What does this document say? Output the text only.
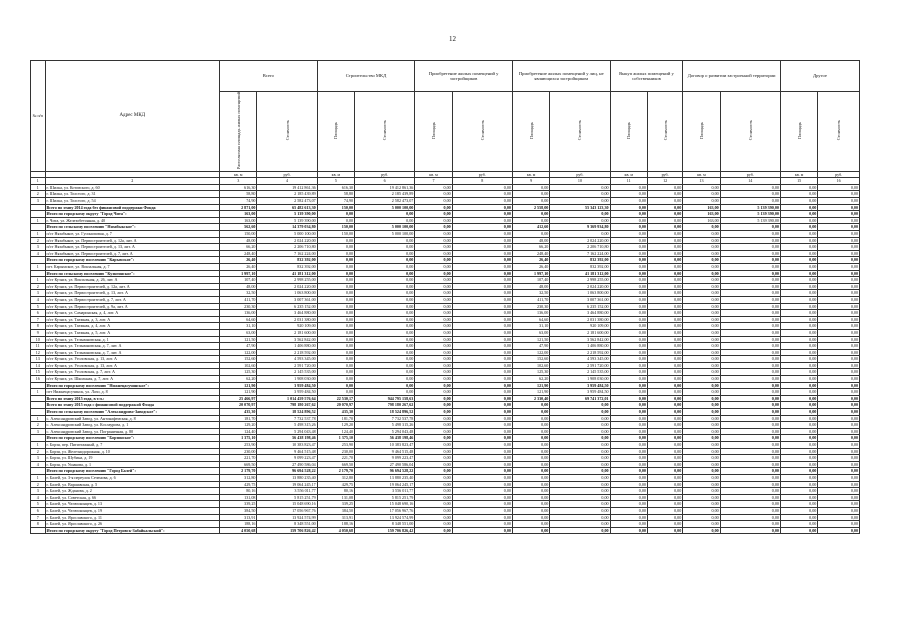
12
№ п/п	Адрес МКД	Всего		Строительство МКД		Приобретение жилых помещений у застройщиков		Приобретение жилых помещений у лиц, не являющихся застройщиком		Выкуп жилых помещений у собственников		Договор о развитии застроенной территории		Другое	
		Расселяемая площадь жилых помещений	Стоимость	Площадь	Стоимость	Площадь	Стоимость	Площадь	Стоимость	Площадь	Стоимость	Площадь	Стоимость	Площадь	Стоимость
		кв. м	руб.	кв. м	руб.	кв. м	руб.	кв. м	руб.	кв. м	руб.	кв. м	руб.	кв. м	руб.
1	2	3	4	5	6	7	8	9	10	11	12	13	14	15	16
1	г. Шилка, ул. Котовского, д. 60	616,30	19 412 861,36	616,30	19 412 861,36	0,00	0,00	0,00	0,00	0,00	0,00	0,00	0,00	0,00	0,00
2	г. Шилка, ул. Толстого, д. 31	58,80	2 185 439,89	58,80	2 185 439,89	0,00	0,00	0,00	0,00	0,00	0,00	0,00	0,00	0,00	0,00
3	г. Шилка, ул. Толстого, д. 54	74,90	2 582 473,07	74,90	2 582 473,07	0,00	0,00	0,00	0,00	0,00	0,00	0,00	0,00	0,00	0,00
	Всего по этапу 2014 года без финансовой поддержки Фонда	2 871,00	65 482 613,30	150,00	5 000 100,00	0,00	0,00	2 558,00	55 343 123,30	0,00	0,00	163,00	5 139 390,00	0,00	0,00
	Итого по городскому округу "Город Чита":	163,00	5 139 390,00	0,00	0,00	0,00	0,00	0,00	0,00	0,00	0,00	163,00	5 139 390,00	0,00	0,00
1	г. Чита, ул. Железобетонная, д. 40	163,00	5 139 390,00	0,00	0,00	0,00	0,00	0,00	0,00	0,00	0,00	163,00	5 139 390,00	0,00	0,00
	Итого по сельскому поселению "Нязабыкское":	562,60	14 379 034,80	150,00	5 000 100,00	0,00	0,00	412,60	9 369 934,80	0,00	0,00	0,00	0,00	0,00	0,00
1	п/ст Нязабыкое, ул. Гусиноповая, д. 7	150,00	5 000 100,00	150,00	5 000 100,00	0,00	0,00	0,00	0,00	0,00	0,00	0,00	0,00	0,00	0,00
2	п/ст Нязабыкое, ул. Первостроителей, д. 12а, лит. А	48,00	2 024 220,00	0,00	0,00	0,00	0,00	48,00	2 024 220,00	0,00	0,00	0,00	0,00	0,00	0,00
3	п/ст Нязабыкое, ул. Первостроителей, д. 13, лит. А	66,20	2 206 710,80	0,00	0,00	0,00	0,00	66,20	2 206 710,80	0,00	0,00	0,00	0,00	0,00	0,00
4	п/ст Нязабыкое, ул. Первостроителей, д. 7, лит. А	248,40	7 162 224,00	0,00	0,00	0,00	0,00	248,40	7 162 224,00	0,00	0,00	0,00	0,00	0,00	0,00
	Итого по городскому поселению "Карымское":	26,40	832 392,00	0,00	0,00	0,00	0,00	26,40	832 392,00	0,00	0,00	0,00	0,00	0,00	0,00
1	пгт. Карымское, ул. Вокзальная, д. 7	26,40	832 392,00	0,00	0,00	0,00	0,00	26,40	832 392,00	0,00	0,00	0,00	0,00	0,00	0,00
	Итого по сельскому поселению "Куэнгинское":	1 997,10	41 181 312,00	0,00	0,00	0,00	0,00	1 997,10	41 181 312,00	0,00	0,00	0,00	0,00	0,00	0,00
1	п/ст Куэнга, ул. Вокзальная, д. 26, лит. А	107,40	2 998 255,00	0,00	0,00	0,00	0,00	107,40	2 998 255,00	0,00	0,00	0,00	0,00	0,00	0,00
2	п/ст Куэнга, ул. Первостроителей, д. 12а, лит. А	48,00	2 024 220,00	0,00	0,00	0,00	0,00	48,00	2 024 220,00	0,00	0,00	0,00	0,00	0,00	0,00
3	п/ст Куэнга, ул. Первостроителей, д. 13, лит. А	32,50	1 063 800,00	0,00	0,00	0,00	0,00	32,50	1 063 800,00	0,00	0,00	0,00	0,00	0,00	0,00
4	п/ст Куэнга, ул. Первостроителей, д. 7, лит. А	411,70	3 007 361,00	0,00	0,00	0,00	0,00	411,70	3 007 361,00	0,00	0,00	0,00	0,00	0,00	0,00
5	п/ст Куэнга, ул. Первостроителей, д. 9а, лит. А	230,30	6 235 152,00	0,00	0,00	0,00	0,00	230,30	6 235 152,00	0,00	0,00	0,00	0,00	0,00	0,00
6	п/ст Куэнга, ул. Самаринская, д. 4, лит. А	136,00	3 464 880,00	0,00	0,00	0,00	0,00	136,00	3 464 880,00	0,00	0,00	0,00	0,00	0,00	0,00
7	п/ст Куэнга, ул. Таежная, д. 3, лит. А	64,60	2 031 380,00	0,00	0,00	0,00	0,00	64,60	2 031 380,00	0,00	0,00	0,00	0,00	0,00	0,00
8	п/ст Куэнга, ул. Таежная, д. 4, лит. А	31,10	920 109,00	0,00	0,00	0,00	0,00	31,10	920 109,00	0,00	0,00	0,00	0,00	0,00	0,00
9	п/ст Куэнга, ул. Таежная, д. 5, лит. А	63,00	2 181 600,00	0,00	0,00	0,00	0,00	63,00	2 181 600,00	0,00	0,00	0,00	0,00	0,00	0,00
10	п/ст Куэнга, ул. Тельмановская, д. 1	121,50	3 562 842,00	0,00	0,00	0,00	0,00	121,50	3 562 842,00	0,00	0,00	0,00	0,00	0,00	0,00
11	п/ст Куэнга, ул. Тельмановская, д. 7, лит. А	47,90	1 406 880,00	0,00	0,00	0,00	0,00	47,90	1 406 880,00	0,00	0,00	0,00	0,00	0,00	0,00
12	п/ст Куэнга, ул. Тельмановская, д. 7, лит. А	122,00	2 218 592,00	0,00	0,00	0,00	0,00	122,00	2 218 592,00	0,00	0,00	0,00	0,00	0,00	0,00
13	п/ст Куэнга, ул. Уголовская, д. 13, лит. А	152,60	4 593 345,00	0,00	0,00	0,00	0,00	152,60	4 593 345,00	0,00	0,00	0,00	0,00	0,00	0,00
14	п/ст Куэнга, ул. Уголовская, д. 13, лит. А	102,60	2 591 720,00	0,00	0,00	0,00	0,00	102,60	2 591 720,00	0,00	0,00	0,00	0,00	0,00	0,00
15	п/ст Куэнга, ул. Уголовская, д. 7, лит. А	125,30	2 145 535,00	0,00	0,00	0,00	0,00	125,30	2 145 535,00	0,00	0,00	0,00	0,00	0,00	0,00
16	п/ст Куэнга, ул. Школьная, д. 7, лит. А	62,20	1 908 030,00	0,00	0,00	0,00	0,00	62,20	1 908 030,00	0,00	0,00	0,00	0,00	0,00	0,00
	Итого по городскому поселению "Нижнецасучинское":	121,90	3 959 484,50	0,00	0,00	0,00	0,00	121,90	3 959 484,50	0,00	0,00	0,00	0,00	0,00	0,00
1	пгт Нижнецасучинск, ул. Лазо, д. 8	121,90	3 959 484,50	0,00	0,00	0,00	0,00	121,90	3 959 484,50	0,00	0,00	0,00	0,00	0,00	0,00
	Всего по этапу 2015 года, в т.ч.:	25 466,97	1 014 459 576,64	22 530,17	944 795 158,63	0,00	0,00	2 330,40	69 741 372,01	0,00	0,00	0,00	0,00	0,00	0,00
	Всего по этапу 2015 года с финансовой поддержкой Фонда	20 070,97	798 180 267,62	20 070,97	798 180 267,62	0,00	0,00	0,00	0,00	0,00	0,00	0,00	0,00	0,00	0,00
	Итого по сельскому поселению "Александрово-Заводское":	435,30	18 524 896,52	435,30	18 524 896,52	0,00	0,00	0,00	0,00	0,00	0,00	0,00	0,00	0,00	0,00
1	с. Александровский Завод, ул. Антонафемская, д. 8	181,70	7 732 537,78	181,70	7 732 537,78	0,00	0,00	0,00	0,00	0,00	0,00	0,00	0,00	0,00	0,00
2	с. Александровский Завод, ул. Кослаурова, д. 1	129,20	5 498 315,26	129,20	5 498 315,26	0,00	0,00	0,00	0,00	0,00	0,00	0,00	0,00	0,00	0,00
3	с. Александровский Завод, ул. Пограничная, д. 80	124,40	5 294 043,48	124,40	5 294 043,48	0,00	0,00	0,00	0,00	0,00	0,00	0,00	0,00	0,00	0,00
	Итого по городскому поселению "Борзинское":	1 375,10	56 438 198,46	1 375,10	56 438 198,46	0,00	0,00	0,00	0,00	0,00	0,00	0,00	0,00	0,00	0,00
1	г. Борзя, пер. Пятиэтажный, д. 7	253,90	10 383 823,47	253,90	10 383 823,47	0,00	0,00	0,00	0,00	0,00	0,00	0,00	0,00	0,00	0,00
2	г. Борзя, ул. Железнодорожная, д. 10	230,00	9 464 515,48	230,00	9 464 515,48	0,00	0,00	0,00	0,00	0,00	0,00	0,00	0,00	0,00	0,00
3	г. Борзя, ул. Шубина, д. 19	221,70	9 099 223,47	221,70	9 099 223,47	0,00	0,00	0,00	0,00	0,00	0,00	0,00	0,00	0,00	0,00
4	г. Борзя, ул. Ушакова, д. 1	669,50	27 490 586,04	669,50	27 490 586,04	0,00	0,00	0,00	0,00	0,00	0,00	0,00	0,00	0,00	0,00
	Итого по городскому поселению "Город Балей":	2 179,70	96 694 528,22	2 179,70	96 694 528,22	0,00	0,00	0,00	0,00	0,00	0,00	0,00	0,00	0,00	0,00
1	г. Балей, ул. 3-я переулок Сеченова, д. 6	312,80	13 880 235,40	312,80	13 880 235,40	0,00	0,00	0,00	0,00	0,00	0,00	0,00	0,00	0,00	0,00
2	г. Балей, ул. Варшавская, д. 5	429,75	19 064 245,17	429,75	19 064 245,17	0,00	0,00	0,00	0,00	0,00	0,00	0,00	0,00	0,00	0,00
3	г. Балей, ул. Жданова, д. 2	80,16	3 556 011,77	80,16	3 556 011,77	0,00	0,00	0,00	0,00	0,00	0,00	0,00	0,00	0,00	0,00
4	г. Балей, ул. Советская, д. 66	131,08	5 815 251,79	131,08	5 815 251,79	0,00	0,00	0,00	0,00	0,00	0,00	0,00	0,00	0,00	0,00
5	г. Балей, ул. Челюскинцев, д. 13	339,25	15 048 690,16	339,25	15 048 690,16	0,00	0,00	0,00	0,00	0,00	0,00	0,00	0,00	0,00	0,00
6	г. Балей, ул. Челюскинцев, д. 19	384,50	17 056 967,76	384,50	17 056 967,76	0,00	0,00	0,00	0,00	0,00	0,00	0,00	0,00	0,00	0,00
7	г. Балей, ул. Ярославского, д. 11	313,91	13 924 574,99	313,91	13 924 574,99	0,00	0,00	0,00	0,00	0,00	0,00	0,00	0,00	0,00	0,00
8	г. Балей, ул. Ярославского, д. 26	188,16	8 348 551,00	188,16	8 348 551,00	0,00	0,00	0,00	0,00	0,00	0,00	0,00	0,00	0,00	0,00
	Итого по городскому округу "Город Петровск-Забайкальский":	4 050,68	159 706 826,42	4 050,68	159 706 826,42	0,00	0,00	0,00	0,00	0,00	0,00	0,00	0,00	0,00	0,00
